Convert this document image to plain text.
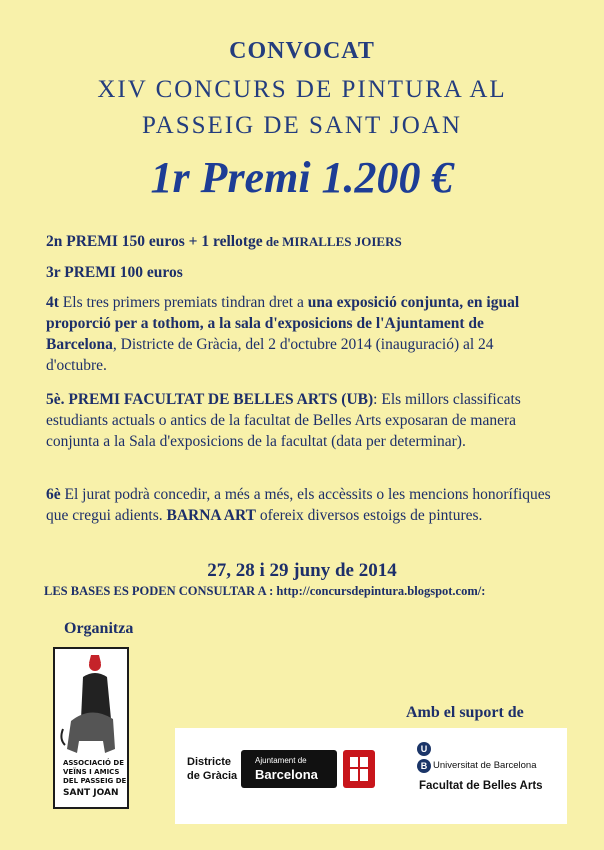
CONVOCAT
XIV CONCURS DE PINTURA AL
PASSEIG DE SANT JOAN
1r Premi 1.200 €
2n PREMI 150 euros + 1 rellotge de MIRALLES JOIERS
3r PREMI 100 euros
4t Els tres primers premiats tindran dret a una exposició conjunta, en igual proporció per a tothom, a la sala d'exposicions de l'Ajuntament de Barcelona, Districte de Gràcia, del 2 d'octubre 2014 (inauguració) al 24 d'octubre.
5è. PREMI FACULTAT DE BELLES ARTS (UB): Els millors classificats estudiants actuals o antics de la facultat de Belles Arts exposaran de manera conjunta a la Sala d'exposicions de la facultat (data per determinar).
6è El jurat podrà concedir, a més a més, els accèssits o les mencions honorífiques que cregui adients. BARNA ART ofereix diversos estoigs de pintures.
27, 28 i 29 juny de 2014
LES BASES ES PODEN CONSULTAR A : http://concursdepintura.blogspot.com/:
Organitza
ASSOCIACIÓ DE
VEÏNS I AMICS
DEL PASSEIG DE
SANT JOAN
Amb el suport de
Districte
de Gràcia
Ajuntament de
Barcelona
U
B Universitat de Barcelona
Facultat de Belles Arts
